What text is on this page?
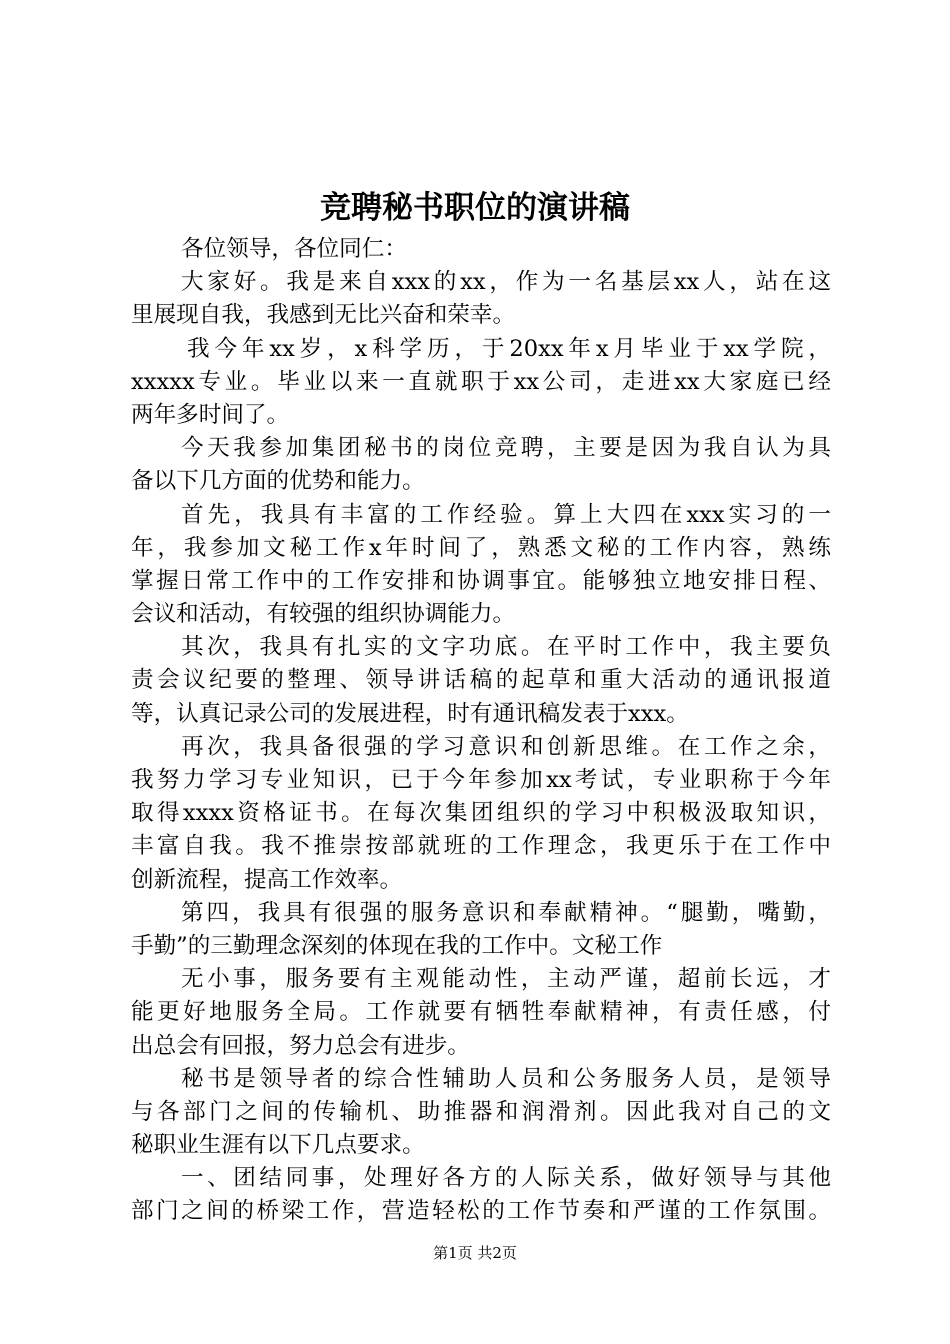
竞聘秘书职位的演讲稿
各位领导，各位同仁：
大家好。我是来自xxx的xx，作为一名基层xx人，站在这
里展现自我，我感到无比兴奋和荣幸。
我今年xx岁，x科学历，于20xx年x月毕业于xx学院，
xxxxx专业。毕业以来一直就职于xx公司，走进xx大家庭已经
两年多时间了。
今天我参加集团秘书的岗位竞聘，主要是因为我自认为具
备以下几方面的优势和能力。
首先，我具有丰富的工作经验。算上大四在xxx实习的一
年，我参加文秘工作x年时间了，熟悉文秘的工作内容，熟练
掌握日常工作中的工作安排和协调事宜。能够独立地安排日程、
会议和活动，有较强的组织协调能力。
其次，我具有扎实的文字功底。在平时工作中，我主要负
责会议纪要的整理、领导讲话稿的起草和重大活动的通讯报道
等，认真记录公司的发展进程，时有通讯稿发表于xxx。
再次，我具备很强的学习意识和创新思维。在工作之余，
我努力学习专业知识，已于今年参加xx考试，专业职称于今年
取得xxxx资格证书。在每次集团组织的学习中积极汲取知识，
丰富自我。我不推崇按部就班的工作理念，我更乐于在工作中
创新流程，提高工作效率。
第四，我具有很强的服务意识和奉献精神。“腿勤，嘴勤，
手勤”的三勤理念深刻的体现在我的工作中。文秘工作
无小事，服务要有主观能动性，主动严谨，超前长远，才
能更好地服务全局。工作就要有牺牲奉献精神，有责任感，付
出总会有回报，努力总会有进步。
秘书是领导者的综合性辅助人员和公务服务人员，是领导
与各部门之间的传输机、助推器和润滑剂。因此我对自己的文
秘职业生涯有以下几点要求。
一、团结同事，处理好各方的人际关系，做好领导与其他
部门之间的桥梁工作，营造轻松的工作节奏和严谨的工作氛围。
第1页 共2页
